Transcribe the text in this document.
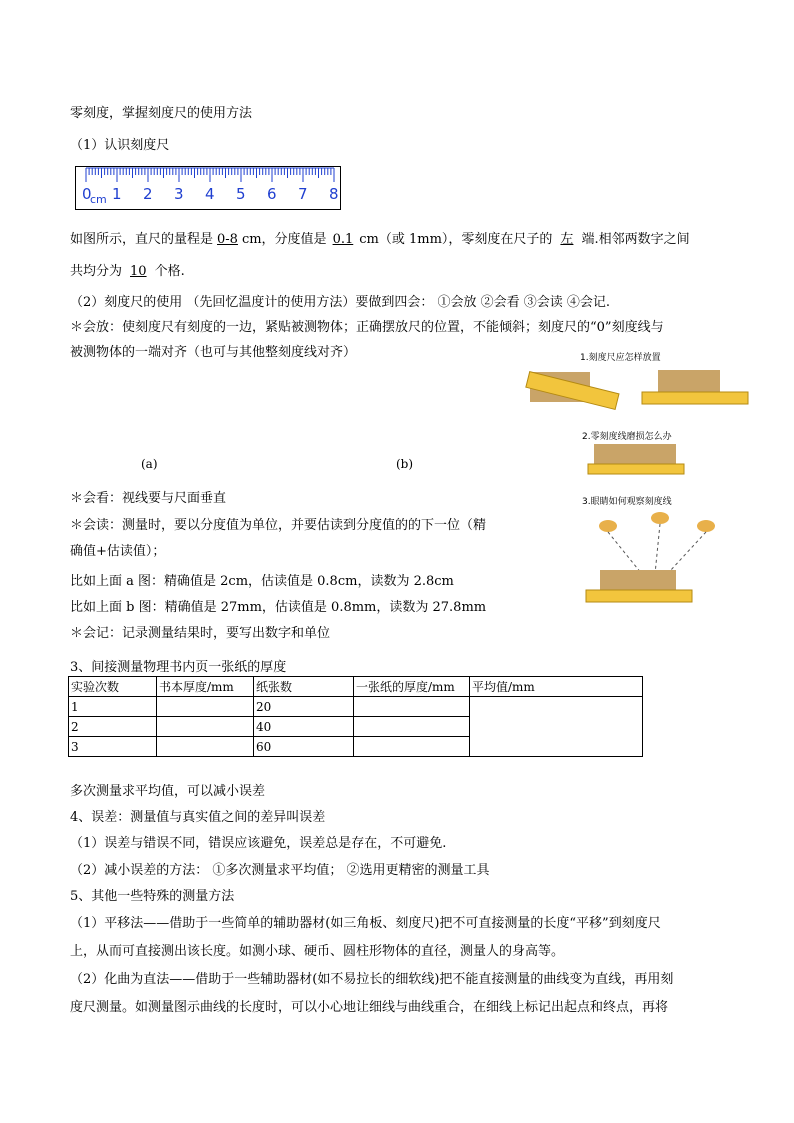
零刻度，掌握刻度尺的使用方法
（1）认识刻度尺
0 1 2 3 4 5 6 7 8
cm
如图所示，直尺的量程是 0-8 cm，分度值是 0.1 cm（或 1mm），零刻度在尺子的 左 端.相邻两数字之间
共均分为 10 个格.
（2）刻度尺的使用 （先回忆温度计的使用方法）要做到四会： ①会放 ②会看 ③会读 ④会记.
＊会放：使刻度尺有刻度的一边，紧贴被测物体；正确摆放尺的位置，不能倾斜；刻度尺的“0”刻度线与
被测物体的一端对齐（也可与其他整刻度线对齐）
(a)	(b)
1.刻度尺应怎样放置
2.零刻度线磨损怎么办
3.眼睛如何观察刻度线
＊会看：视线要与尺面垂直
＊会读：测量时，要以分度值为单位，并要估读到分度值的的下一位（精
确值+估读值）；
比如上面 a 图：精确值是 2cm，估读值是 0.8cm，读数为 2.8cm
比如上面 b 图：精确值是 27mm，估读值是 0.8mm，读数为 27.8mm
＊会记：记录测量结果时，要写出数字和单位
3、间接测量物理书内页一张纸的厚度
实验次数	书本厚度/mm	纸张数	一张纸的厚度/mm	平均值/mm
1		20		
2		40		
3		60		
多次测量求平均值，可以减小误差
4、误差：测量值与真实值之间的差异叫误差
（1）误差与错误不同，错误应该避免，误差总是存在，不可避免.
（2）减小误差的方法： ①多次测量求平均值； ②选用更精密的测量工具
5、其他一些特殊的测量方法
（1）平移法——借助于一些简单的辅助器材(如三角板、刻度尺)把不可直接测量的长度“平移”到刻度尺
上，从而可直接测出该长度。如测小球、硬币、圆柱形物体的直径，测量人的身高等。
（2）化曲为直法——借助于一些辅助器材(如不易拉长的细软线)把不能直接测量的曲线变为直线，再用刻
度尺测量。如测量图示曲线的长度时，可以小心地让细线与曲线重合，在细线上标记出起点和终点，再将
